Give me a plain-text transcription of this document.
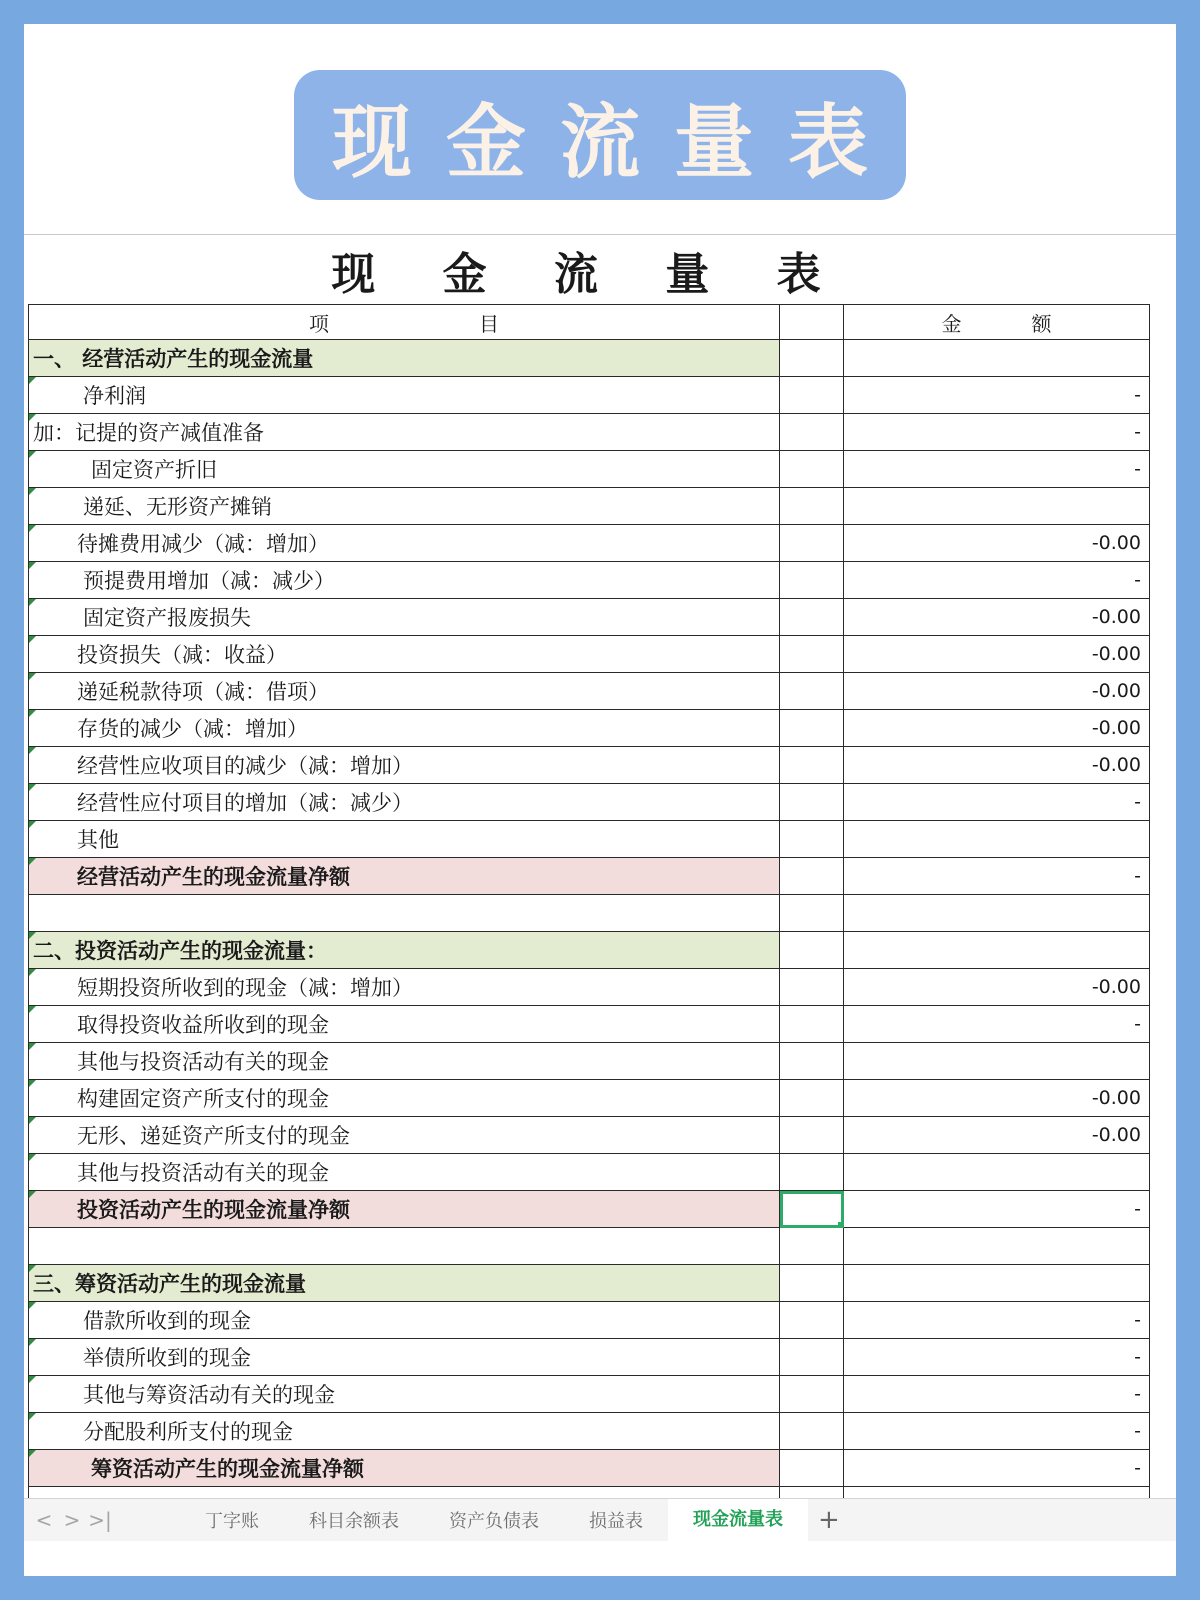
现金流量表
现 金 流 量 表		

项 目		金 额

一、 经营活动产生的现金流量		
净利润		-
加：记提的资产减值准备		-
固定资产折旧		-
递延、无形资产摊销		
待摊费用减少（减：增加）		-0.00
预提费用增加（减：减少）		-
固定资产报废损失		-0.00
投资损失（减：收益）		-0.00
递延税款待项（减：借项）		-0.00
存货的减少（减：增加）		-0.00
经营性应收项目的减少（减：增加）		-0.00
经营性应付项目的增加（减：减少）		-
其他		
经营活动产生的现金流量净额		-

二、投资活动产生的现金流量：		
短期投资所收到的现金（减：增加）		-0.00
取得投资收益所收到的现金		-
其他与投资活动有关的现金		
构建固定资产所支付的现金		-0.00
无形、递延资产所支付的现金		-0.00
其他与投资活动有关的现金		
投资活动产生的现金流量净额		-

三、筹资活动产生的现金流量		
借款所收到的现金		-
举债所收到的现金		-
其他与筹资活动有关的现金		-
分配股利所支付的现金		-
筹资活动产生的现金流量净额		-

< > >|	丁字账	科目余额表	资产负债表	损益表	现金流量表	+
